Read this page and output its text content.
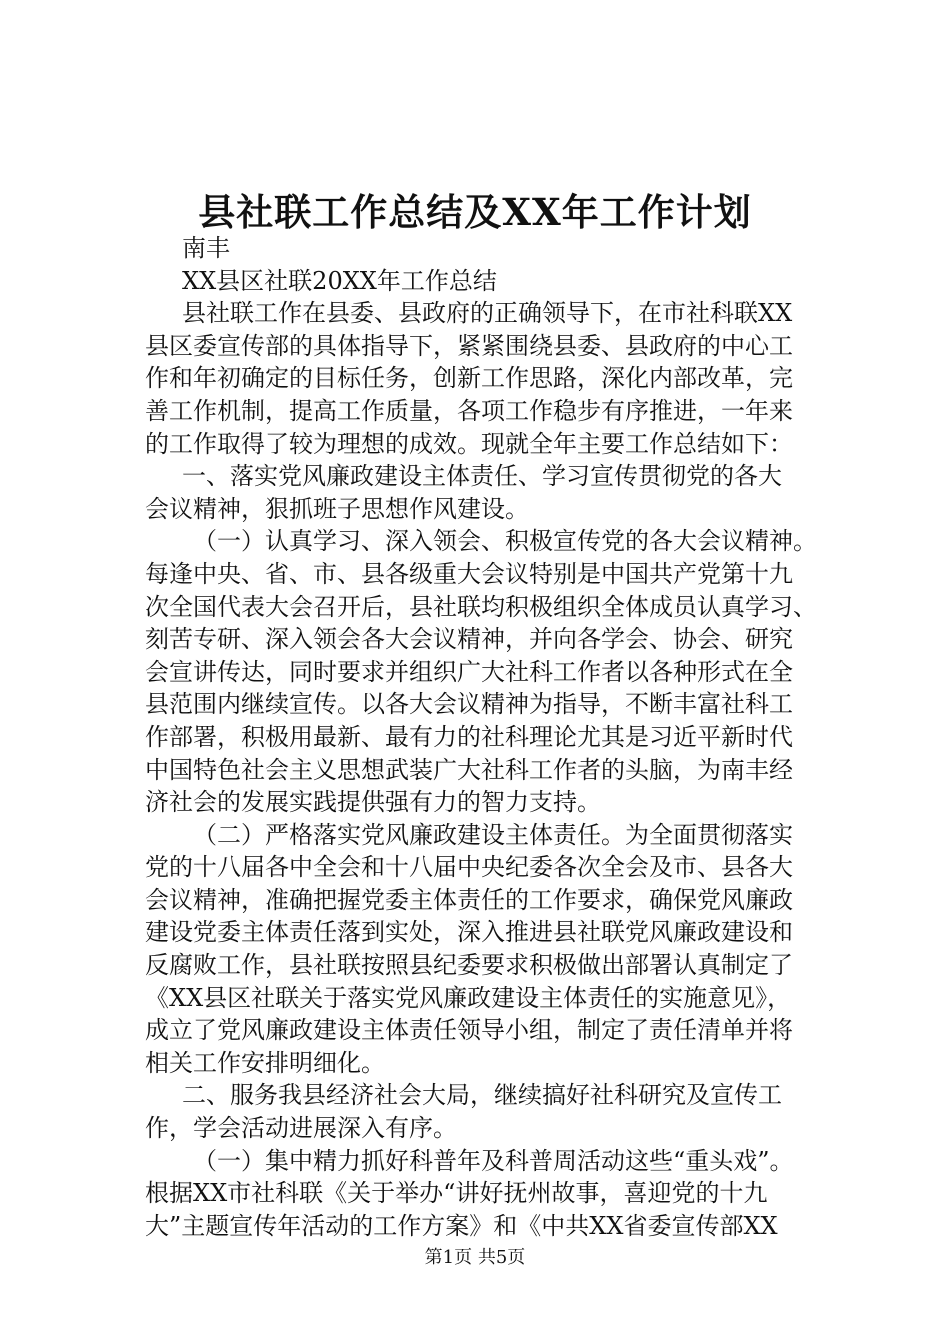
县社联工作总结及XX年工作计划
南丰
XX县区社联20XX年工作总结
县社联工作在县委、县政府的正确领导下，在市社科联XX
县区委宣传部的具体指导下，紧紧围绕县委、县政府的中心工
作和年初确定的目标任务，创新工作思路，深化内部改革，完
善工作机制，提高工作质量，各项工作稳步有序推进，一年来
的工作取得了较为理想的成效。现就全年主要工作总结如下：
一、落实党风廉政建设主体责任、学习宣传贯彻党的各大
会议精神，狠抓班子思想作风建设。
（一）认真学习、深入领会、积极宣传党的各大会议精神。
每逢中央、省、市、县各级重大会议特别是中国共产党第十九
次全国代表大会召开后，县社联均积极组织全体成员认真学习、
刻苦专研、深入领会各大会议精神，并向各学会、协会、研究
会宣讲传达，同时要求并组织广大社科工作者以各种形式在全
县范围内继续宣传。以各大会议精神为指导，不断丰富社科工
作部署，积极用最新、最有力的社科理论尤其是习近平新时代
中国特色社会主义思想武装广大社科工作者的头脑，为南丰经
济社会的发展实践提供强有力的智力支持。
（二）严格落实党风廉政建设主体责任。为全面贯彻落实
党的十八届各中全会和十八届中央纪委各次全会及市、县各大
会议精神，准确把握党委主体责任的工作要求，确保党风廉政
建设党委主体责任落到实处，深入推进县社联党风廉政建设和
反腐败工作，县社联按照县纪委要求积极做出部署认真制定了
《XX县区社联关于落实党风廉政建设主体责任的实施意见》，
成立了党风廉政建设主体责任领导小组，制定了责任清单并将
相关工作安排明细化。
二、服务我县经济社会大局，继续搞好社科研究及宣传工
作，学会活动进展深入有序。
（一）集中精力抓好科普年及科普周活动这些“重头戏”。
根据XX市社科联《关于举办“讲好抚州故事，喜迎党的十九
大”主题宣传年活动的工作方案》和《中共XX省委宣传部XX
第1页 共5页
